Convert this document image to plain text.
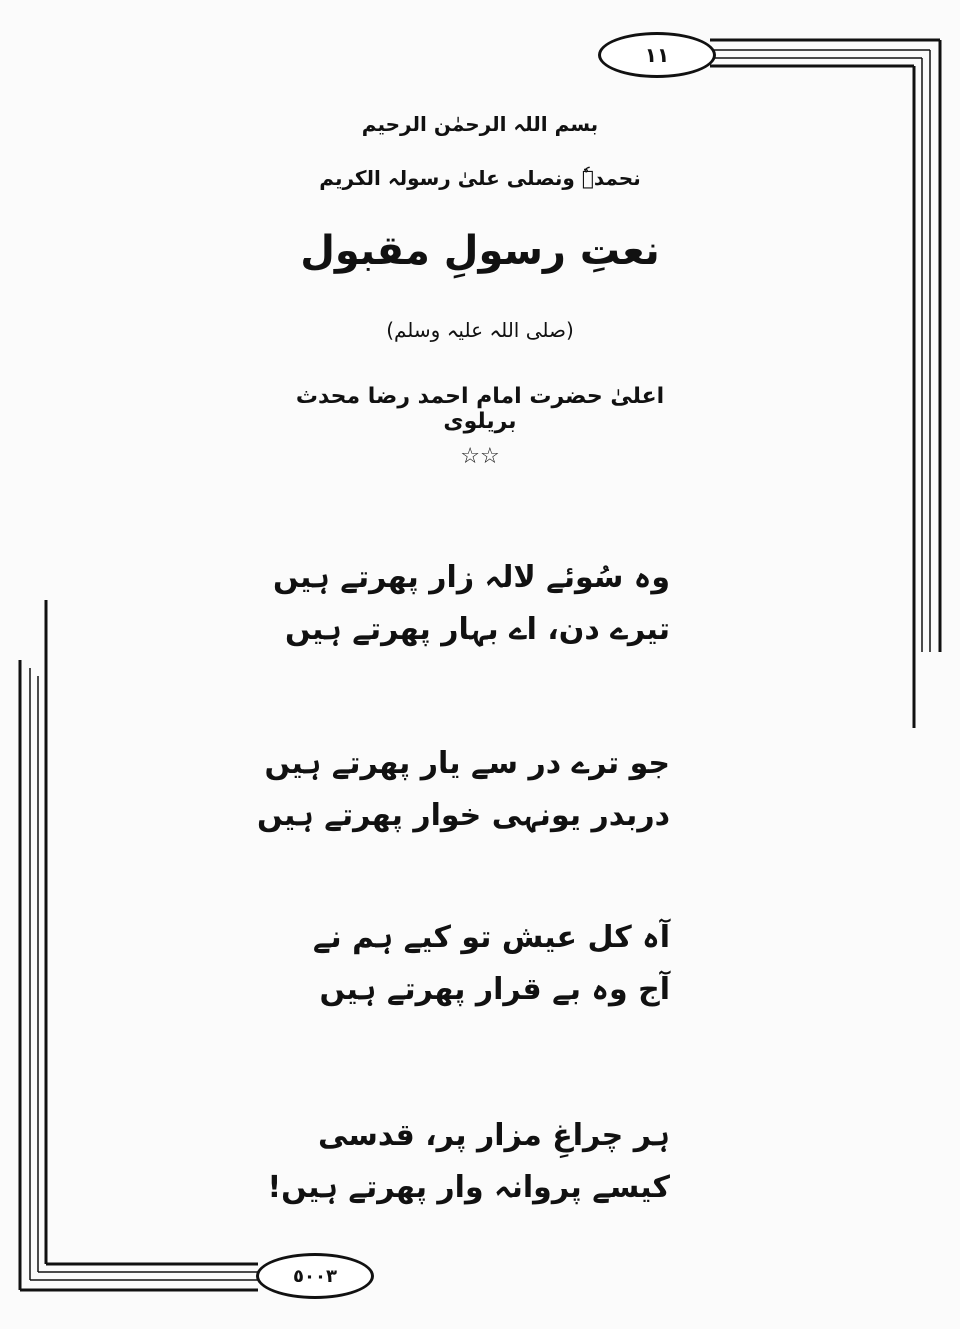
١١
٥٠٠٣
بسم اللہ الرحمٰن الرحیم
نحمدہٗ ونصلی علیٰ رسولہ الکریم
نعتِ رسولِ مقبول
(صلی اللہ علیہ وسلم)
اعلیٰ حضرت امام احمد رضا محدث بریلوی
☆☆
وہ سُوئے لالہ زار پھرتے ہیں
تیرے دن، اے بہار پھرتے ہیں
جو ترے در سے یار پھرتے ہیں
دربدر یونہی خوار پھرتے ہیں
آہ کل عیش تو کیے ہم نے
آج وہ بے قرار پھرتے ہیں
ہر چراغِ مزار پر، قدسی
کیسے پروانہ وار پھرتے ہیں!
